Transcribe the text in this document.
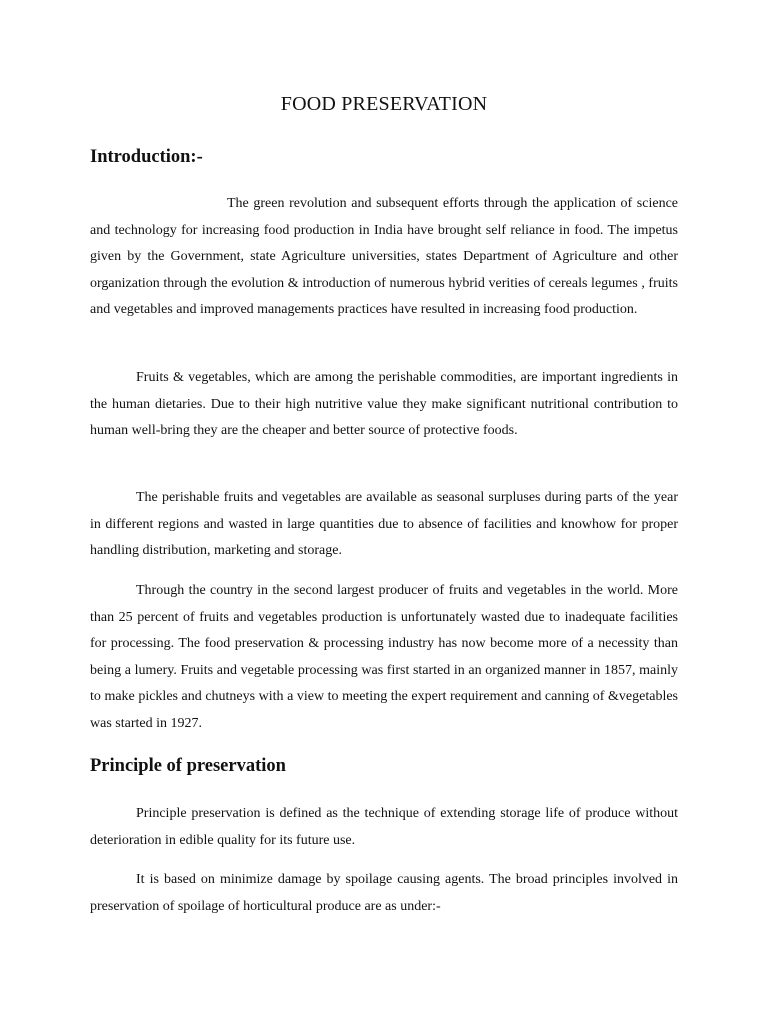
FOOD PRESERVATION
Introduction:-

The green revolution and subsequent efforts through the application of science and technology for increasing food production in India have brought self reliance in food. The impetus given by the Government, state Agriculture universities, states Department of Agriculture and other organization through the evolution & introduction of numerous hybrid verities of cereals legumes , fruits and vegetables and improved managements practices have resulted in increasing food production.

Fruits & vegetables, which are among the perishable commodities, are important ingredients in the human dietaries. Due to their high nutritive value they make significant nutritional contribution to human well-bring they are the cheaper and better source of protective foods.

The perishable fruits and vegetables are available as seasonal surpluses during parts of the year in different regions and wasted in large quantities due to absence of facilities and knowhow for proper handling distribution, marketing and storage.

Through the country in the second largest producer of fruits and vegetables in the world. More than 25 percent of fruits and vegetables production is unfortunately wasted due to inadequate facilities for processing. The food preservation & processing industry has now become more of a necessity than being a lumery. Fruits and vegetable processing was first started in an organized manner in 1857, mainly to make pickles and chutneys with a view to meeting the expert requirement and canning of &vegetables was started in 1927.

Principle of preservation

Principle preservation is defined as the technique of extending storage life of produce without deterioration in edible quality for its future use.

It is based on minimize damage by spoilage causing agents. The broad principles involved in preservation of spoilage of horticultural produce are as under:-
